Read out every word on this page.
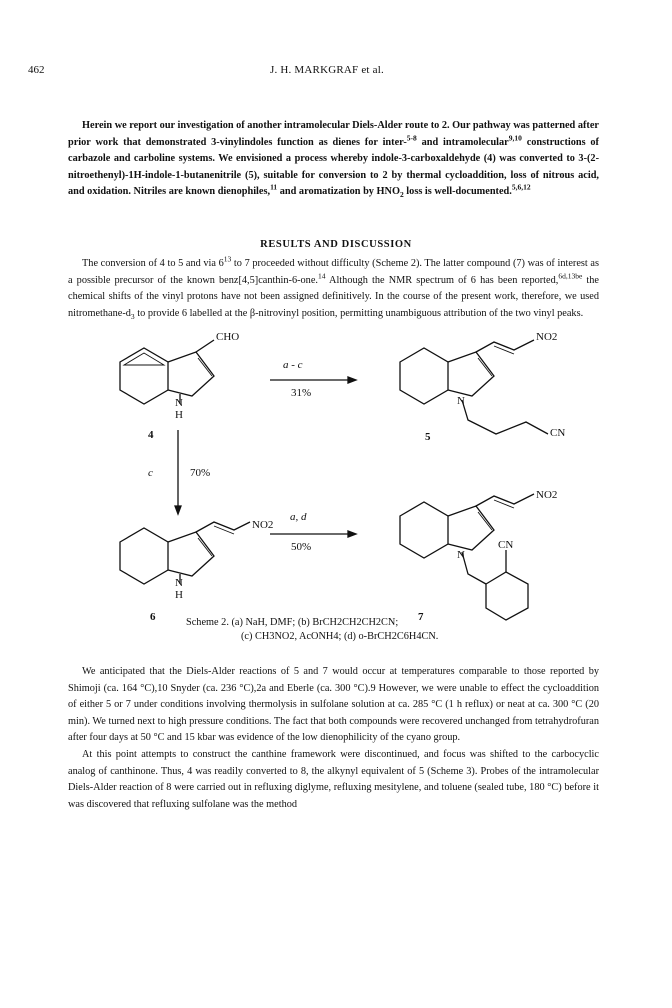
462	J. H. MARKGRAF et al.

Herein we report our investigation of another intramolecular Diels-Alder route to 2. Our pathway was patterned after prior work that demonstrated 3-vinylindoles function as dienes for inter-$^{5-8}$ and intramolecular$^{9,10}$ constructions of carbazole and carboline systems. We envisioned a process whereby indole-3-carboxaldehyde (4) was converted to 3-(2-nitroethenyl)-1H-indole-1-butanenitrile (5), suitable for conversion to 2 by thermal cycloaddition, loss of nitrous acid, and oxidation. Nitriles are known dienophiles,$^{11}$ and aromatization by $HNO_2$ loss is well-documented.$^{5,6,12}$

RESULTS AND DISCUSSION

The conversion of 4 to 5 and via $6^{13}$ to 7 proceeded without difficulty (Scheme 2). The latter compound (7) was of interest as a possible precursor of the known benz[4,5]canthin-6-one.$^{14}$ Although the NMR spectrum of 6 has been reported,$^{6d,13be}$ the chemical shifts of the vinyl protons have not been assigned definitively. In the course of the present work, therefore, we used nitromethane-$d_3$ to provide 6 labelled at the β-nitrovinyl position, permitting unambiguous attribution of the two vinyl peaks.

CHO
N
H
4
a - c
31%
NO2
N
CN
5
c	70%
NO2
N
H
6
a, d
50%
NO2
N
CN
7
Scheme 2. (a) NaH, DMF; (b) BrCH2CH2CH2CN;
(c) CH3NO2, AcONH4; (d) o-BrCH2C6H4CN.

We anticipated that the Diels-Alder reactions of 5 and 7 would occur at temperatures comparable to those reported by Shimoji (ca. 164 °C),10 Snyder (ca. 236 °C),2a and Eberle (ca. 300 °C).9 However, we were unable to effect the cycloaddition of either 5 or 7 under conditions involving thermolysis in sulfolane solution at ca. 285 °C (1 h reflux) or neat at ca. 300 °C (20 min). We turned next to high pressure conditions. The fact that both compounds were recovered unchanged from tetrahydrofuran after four days at 50 °C and 15 kbar was evidence of the low dienophilicity of the cyano group.

At this point attempts to construct the canthine framework were discontinued, and focus was shifted to the carbocyclic analog of canthinone. Thus, 4 was readily converted to 8, the alkynyl equivalent of 5 (Scheme 3). Probes of the intramolecular Diels-Alder reaction of 8 were carried out in refluxing diglyme, refluxing mesitylene, and toluene (sealed tube, 180 °C) before it was discovered that refluxing sulfolane was the method
